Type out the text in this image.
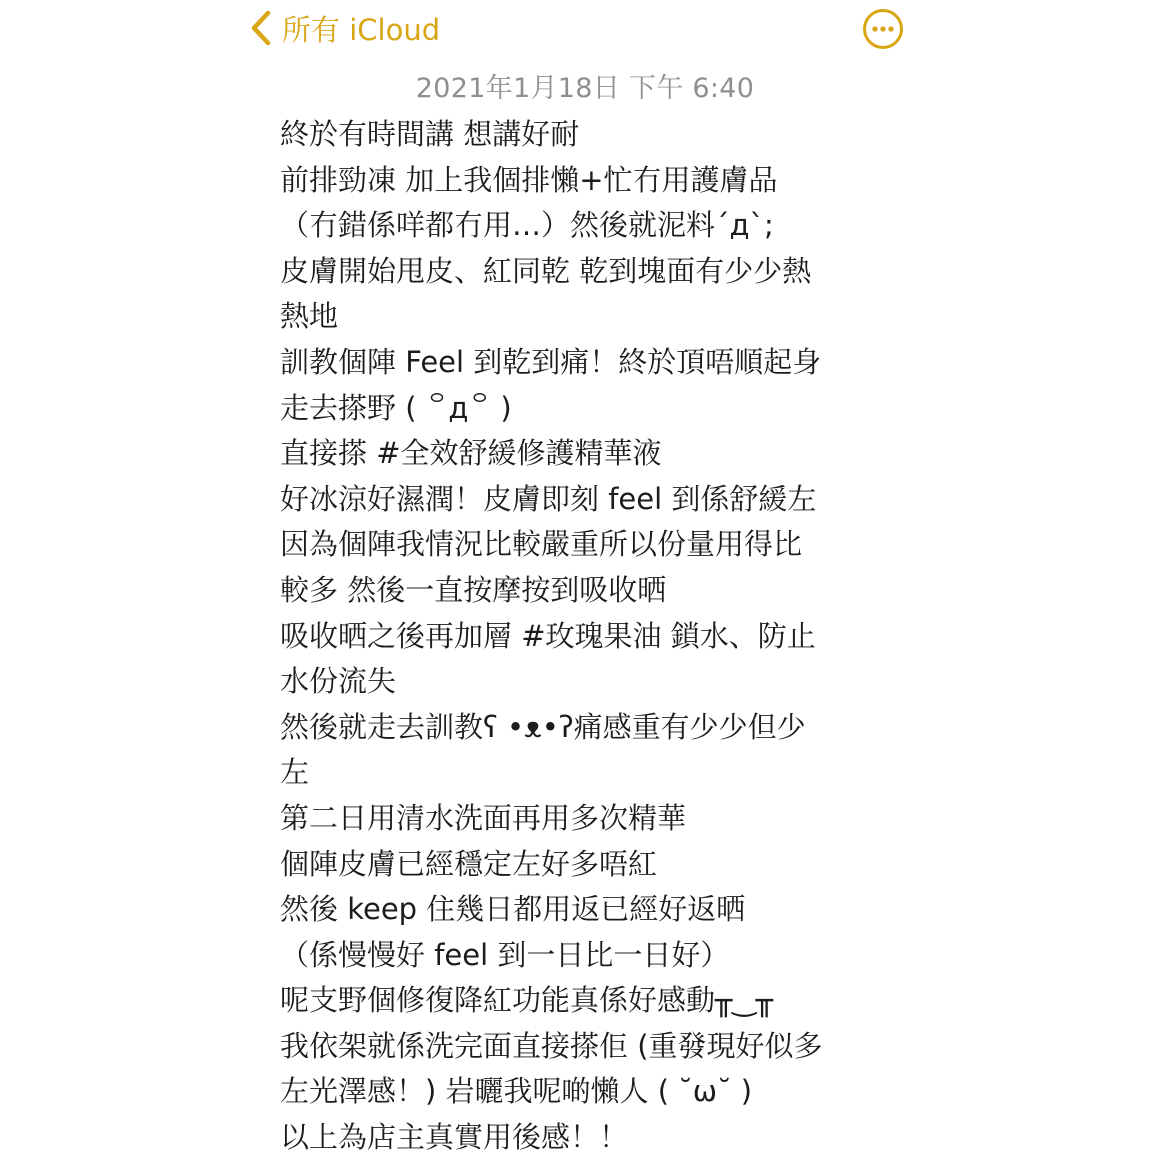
所有 iCloud
2021年1月18日 下午 6:40
終於有時間講 想講好耐
前排勁凍 加上我個排懶+忙冇用護膚品
（冇錯係咩都冇用…）然後就泥料´д`;
皮膚開始甩皮、紅同乾 乾到塊面有少少熱
熱地
訓教個陣 Feel 到乾到痛！終於頂唔順起身
走去搽野 ( ꒪д꒪ )
直接搽 #全效舒緩修護精華液
好冰涼好濕潤！皮膚即刻 feel 到係舒緩左
因為個陣我情況比較嚴重所以份量用得比
較多 然後一直按摩按到吸收晒
吸收晒之後再加層 #玫瑰果油 鎖水、防止
水份流失
然後就走去訓教ʕ •ᴥ•ʔ痛感重有少少但少
左
第二日用清水洗面再用多次精華
個陣皮膚已經穩定左好多唔紅
然後 keep 住幾日都用返已經好返晒
（係慢慢好 feel 到一日比一日好）
呢支野個修復降紅功能真係好感動╥‿╥
我依架就係洗完面直接搽佢 (重發現好似多
左光澤感！) 岩曬我呢啲懶人 ( ˘ω˘ )
以上為店主真實用後感！！
